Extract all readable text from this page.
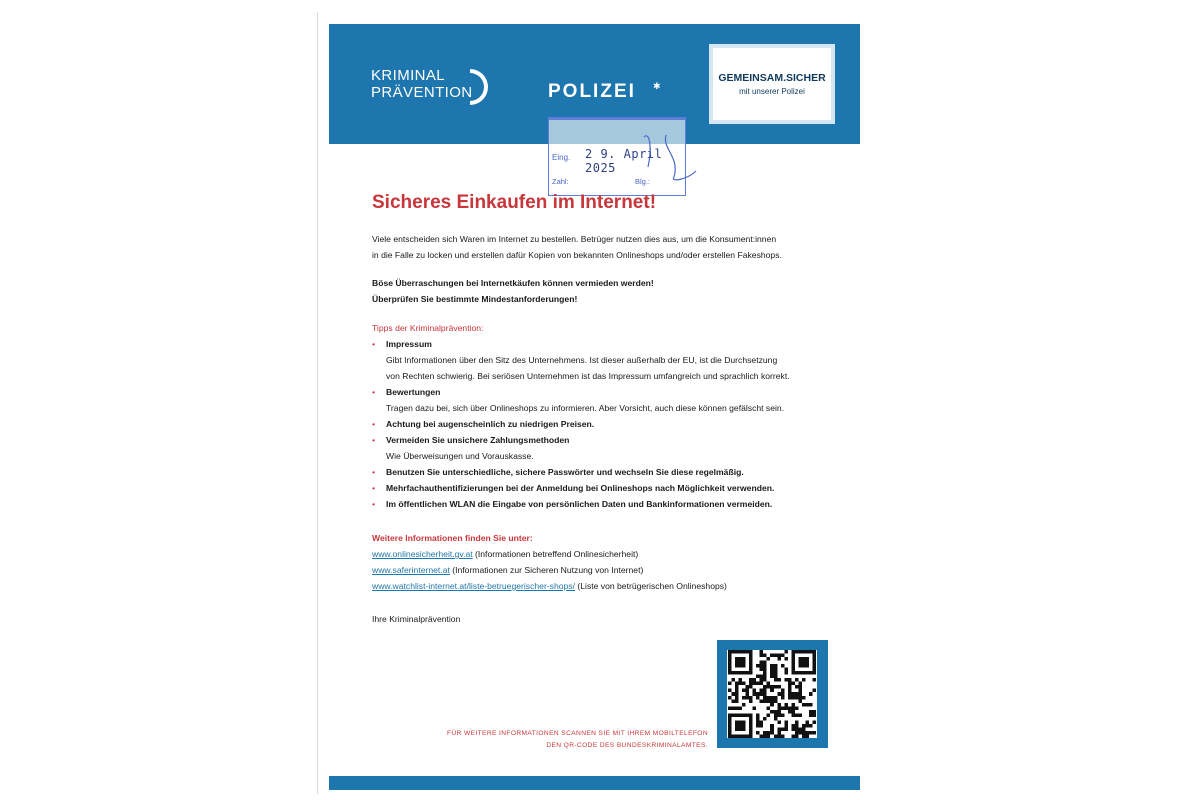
KRIMINAL
PRÄVENTION	POLIZEI ✱
GEMEINSAM.SICHER
mit unserer Polizei
Eing. 2 9. April 2025
Zahl:	Blg.:
Sicheres Einkaufen im Internet!
Viele entscheiden sich Waren im Internet zu bestellen. Betrüger nutzen dies aus, um die Konsument:innen
in die Falle zu locken und erstellen dafür Kopien von bekannten Onlineshops und/oder erstellen Fakeshops.
Böse Überraschungen bei Internetkäufen können vermieden werden!
Überprüfen Sie bestimmte Mindestanforderungen!
Tipps der Kriminalprävention:
• Impressum
Gibt Informationen über den Sitz des Unternehmens. Ist dieser außerhalb der EU, ist die Durchsetzung
von Rechten schwierig. Bei seriösen Unternehmen ist das Impressum umfangreich und sprachlich korrekt.
• Bewertungen
Tragen dazu bei, sich über Onlineshops zu informieren. Aber Vorsicht, auch diese können gefälscht sein.
• Achtung bei augenscheinlich zu niedrigen Preisen.
• Vermeiden Sie unsichere Zahlungsmethoden
Wie Überweisungen und Vorauskasse.
• Benutzen Sie unterschiedliche, sichere Passwörter und wechseln Sie diese regelmäßig.
• Mehrfachauthentifizierungen bei der Anmeldung bei Onlineshops nach Möglichkeit verwenden.
• Im öffentlichen WLAN die Eingabe von persönlichen Daten und Bankinformationen vermeiden.
Weitere Informationen finden Sie unter:
www.onlinesicherheit.gv.at (Informationen betreffend Onlinesicherheit)
www.saferinternet.at (Informationen zur Sicheren Nutzung von Internet)
www.watchlist-internet.at/liste-betruegerischer-shops/ (Liste von betrügerischen Onlineshops)
Ihre Kriminalprävention
FÜR WEITERE INFORMATIONEN SCANNEN SIE MIT IHREM MOBILTELEFON
DEN QR-CODE DES BUNDESKRIMINALAMTES.
